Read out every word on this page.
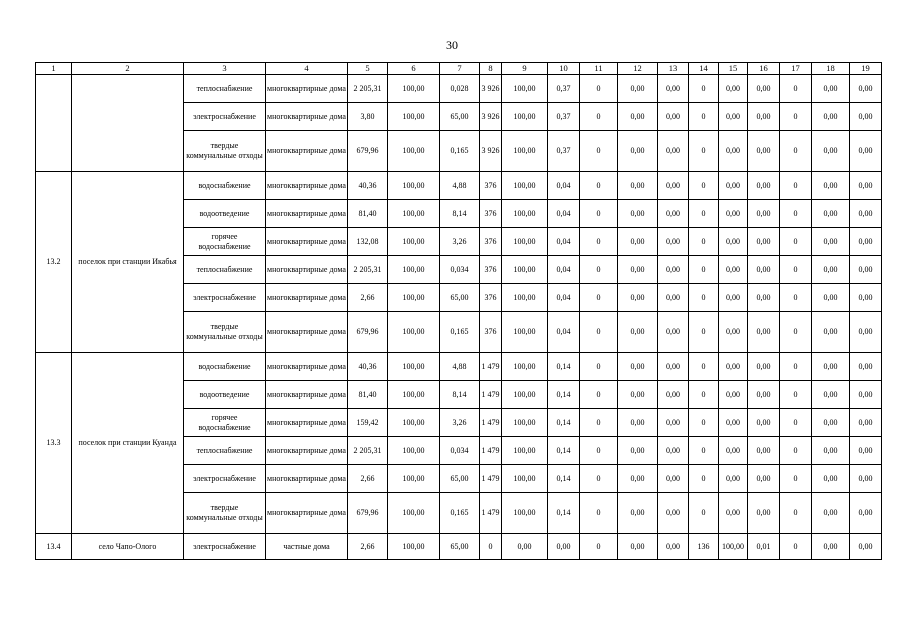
30
1	2	3	4	5	6	7	8	9	10	11	12	13	14	15	16	17	18	19
		теплоснабжение	многоквартирные дома	2 205,31	100,00	0,028	3 926	100,00	0,37	0	0,00	0,00	0	0,00	0,00	0	0,00	0,00
		электроснабжение	многоквартирные дома	3,80	100,00	65,00	3 926	100,00	0,37	0	0,00	0,00	0	0,00	0,00	0	0,00	0,00
		твердые коммунальные отходы	многоквартирные дома	679,96	100,00	0,165	3 926	100,00	0,37	0	0,00	0,00	0	0,00	0,00	0	0,00	0,00
13.2	поселок при станции Икабья	водоснабжение	многоквартирные дома	40,36	100,00	4,88	376	100,00	0,04	0	0,00	0,00	0	0,00	0,00	0	0,00	0,00
		водоотведение	многоквартирные дома	81,40	100,00	8,14	376	100,00	0,04	0	0,00	0,00	0	0,00	0,00	0	0,00	0,00
		горячее водоснабжение	многоквартирные дома	132,08	100,00	3,26	376	100,00	0,04	0	0,00	0,00	0	0,00	0,00	0	0,00	0,00
		теплоснабжение	многоквартирные дома	2 205,31	100,00	0,034	376	100,00	0,04	0	0,00	0,00	0	0,00	0,00	0	0,00	0,00
		электроснабжение	многоквартирные дома	2,66	100,00	65,00	376	100,00	0,04	0	0,00	0,00	0	0,00	0,00	0	0,00	0,00
		твердые коммунальные отходы	многоквартирные дома	679,96	100,00	0,165	376	100,00	0,04	0	0,00	0,00	0	0,00	0,00	0	0,00	0,00
13.3	поселок при станции Куанда	водоснабжение	многоквартирные дома	40,36	100,00	4,88	1 479	100,00	0,14	0	0,00	0,00	0	0,00	0,00	0	0,00	0,00
		водоотведение	многоквартирные дома	81,40	100,00	8,14	1 479	100,00	0,14	0	0,00	0,00	0	0,00	0,00	0	0,00	0,00
		горячее водоснабжение	многоквартирные дома	159,42	100,00	3,26	1 479	100,00	0,14	0	0,00	0,00	0	0,00	0,00	0	0,00	0,00
		теплоснабжение	многоквартирные дома	2 205,31	100,00	0,034	1 479	100,00	0,14	0	0,00	0,00	0	0,00	0,00	0	0,00	0,00
		электроснабжение	многоквартирные дома	2,66	100,00	65,00	1 479	100,00	0,14	0	0,00	0,00	0	0,00	0,00	0	0,00	0,00
		твердые коммунальные отходы	многоквартирные дома	679,96	100,00	0,165	1 479	100,00	0,14	0	0,00	0,00	0	0,00	0,00	0	0,00	0,00
13.4	село Чапо-Ологo	электроснабжение	частные дома	2,66	100,00	65,00	0	0,00	0,00	0	0,00	0,00	136	100,00	0,01	0	0,00	0,00
